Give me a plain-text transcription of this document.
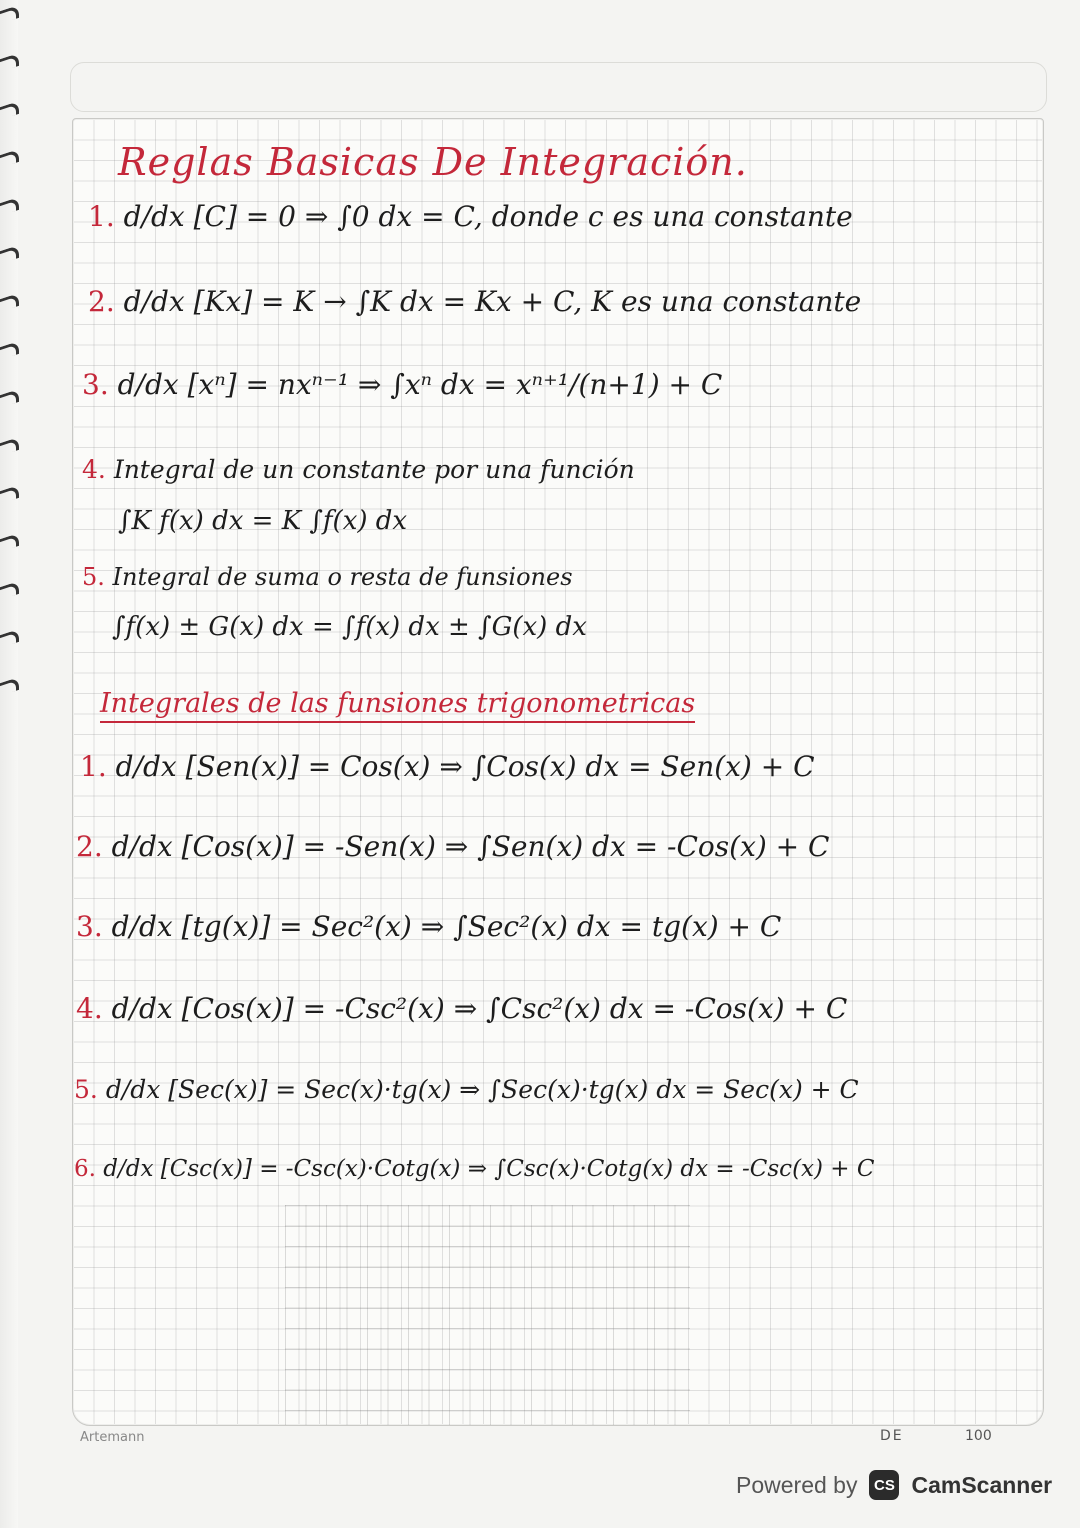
Reglas Basicas De Integración.
1. d/dx [C] = 0 ⇒ ∫0 dx = C, donde c es una constante
2. d/dx [Kx] = K → ∫K dx = Kx + C, K es una constante
3. d/dx [xⁿ] = nxⁿ⁻¹ ⇒ ∫xⁿ dx = xⁿ⁺¹/(n+1) + C
4. Integral de un constante por una función
∫K f(x) dx = K ∫f(x) dx
5. Integral de suma o resta de funsiones
∫f(x) ± G(x) dx = ∫f(x) dx ± ∫G(x) dx
Integrales de las funsiones trigonometricas
1. d/dx [Sen(x)] = Cos(x) ⇒ ∫Cos(x) dx = Sen(x) + C
2. d/dx [Cos(x)] = -Sen(x) ⇒ ∫Sen(x) dx = -Cos(x) + C
3. d/dx [tg(x)] = Sec²(x) ⇒ ∫Sec²(x) dx = tg(x) + C
4. d/dx [Cos(x)] = -Csc²(x) ⇒ ∫Csc²(x) dx = -Cos(x) + C
5. d/dx [Sec(x)] = Sec(x)·tg(x) ⇒ ∫Sec(x)·tg(x) dx = Sec(x) + C
6. d/dx [Csc(x)] = -Csc(x)·Cotg(x) ⇒ ∫Csc(x)·Cotg(x) dx = -Csc(x) + C
Artemann	DE	100
Powered by	CS CamScanner
